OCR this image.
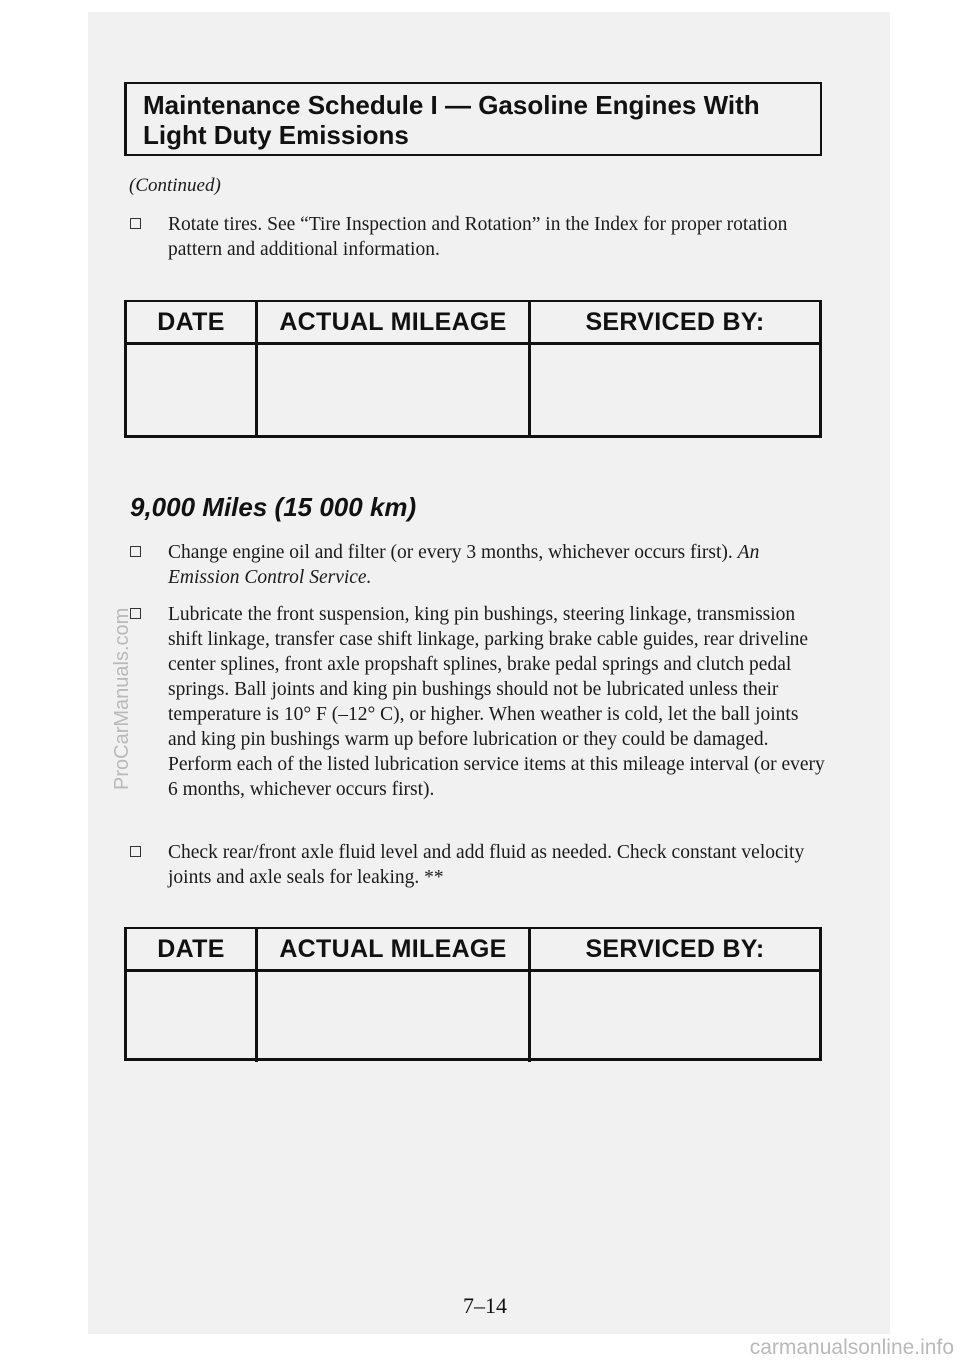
Maintenance Schedule I — Gasoline Engines With
Light Duty Emissions
(Continued)
Rotate tires. See “Tire Inspection and Rotation” in the Index for proper rotation pattern and additional information.
DATE	ACTUAL MILEAGE	SERVICED BY:

9,000 Miles (15 000 km)
Change engine oil and filter (or every 3 months, whichever occurs first). An Emission Control Service.
Lubricate the front suspension, king pin bushings, steering linkage, transmission shift linkage, transfer case shift linkage, parking brake cable guides, rear driveline center splines, front axle propshaft splines, brake pedal springs and clutch pedal springs. Ball joints and king pin bushings should not be lubricated unless their temperature is 10° F (–12° C), or higher. When weather is cold, let the ball joints and king pin bushings warm up before lubrication or they could be damaged. Perform each of the listed lubrication service items at this mileage interval (or every 6 months, whichever occurs first).
Check rear/front axle fluid level and add fluid as needed. Check constant velocity joints and axle seals for leaking. **
DATE	ACTUAL MILEAGE	SERVICED BY:

7–14
ProCarManuals.com
carmanualsonline.info
